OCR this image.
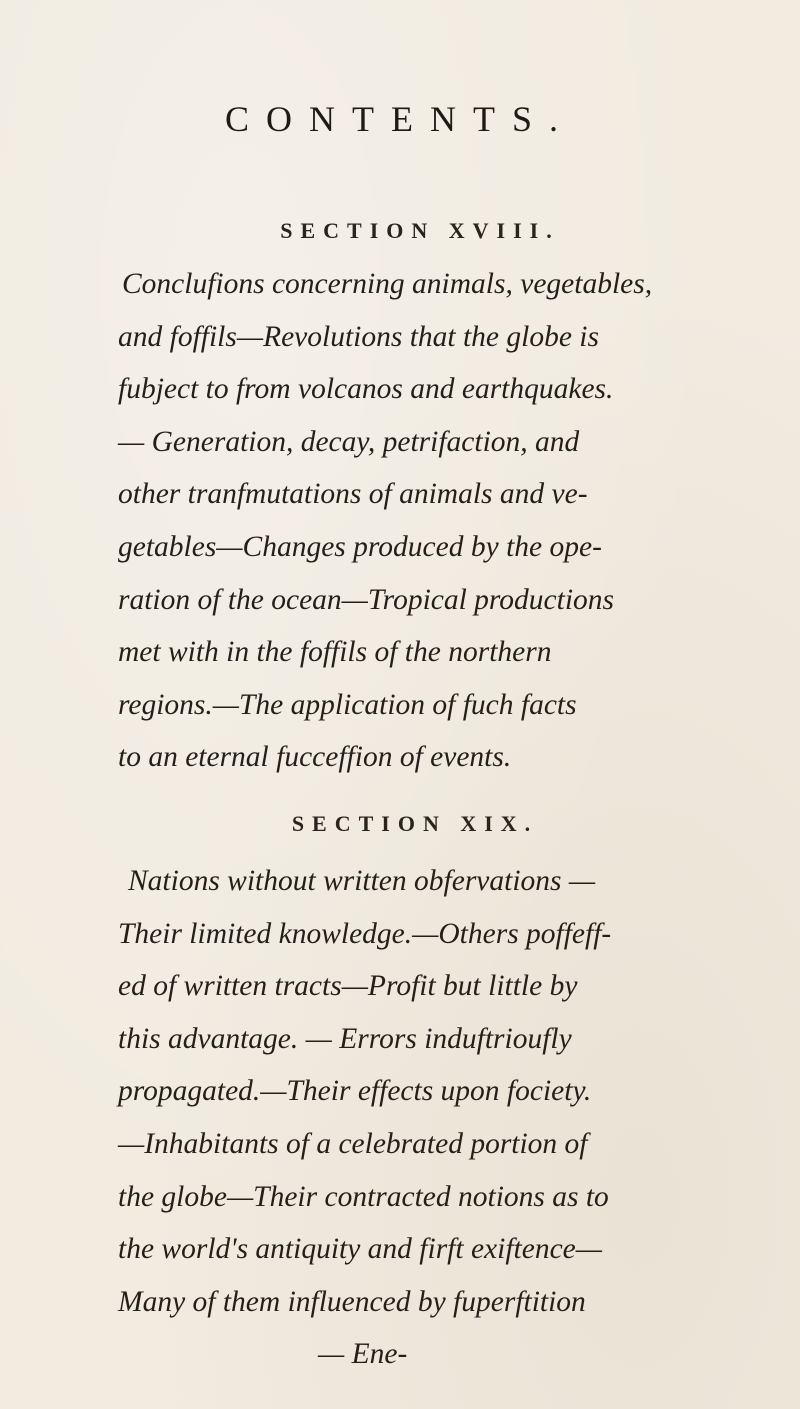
CONTENTS.
SECTION XVIII.

Conclufions concerning animals, vegetables,
and foffils—Revolutions that the globe is
fubject to from volcanos and earthquakes.
— Generation, decay, petrifaction, and
other tranfmutations of animals and ve-
getables—Changes produced by the ope-
ration of the ocean—Tropical productions
met with in the foffils of the northern
regions.—The application of fuch facts
to an eternal fucceffion of events.

SECTION XIX.

Nations without written obfervations —
Their limited knowledge.—Others poffeff-
ed of written tracts—Profit but little by
this advantage. — Errors induftrioufly
propagated.—Their effects upon fociety.
—Inhabitants of a celebrated portion of
the globe—Their contracted notions as to
the world's antiquity and firft exiftence—
Many of them influenced by fuperftition
— Ene-
